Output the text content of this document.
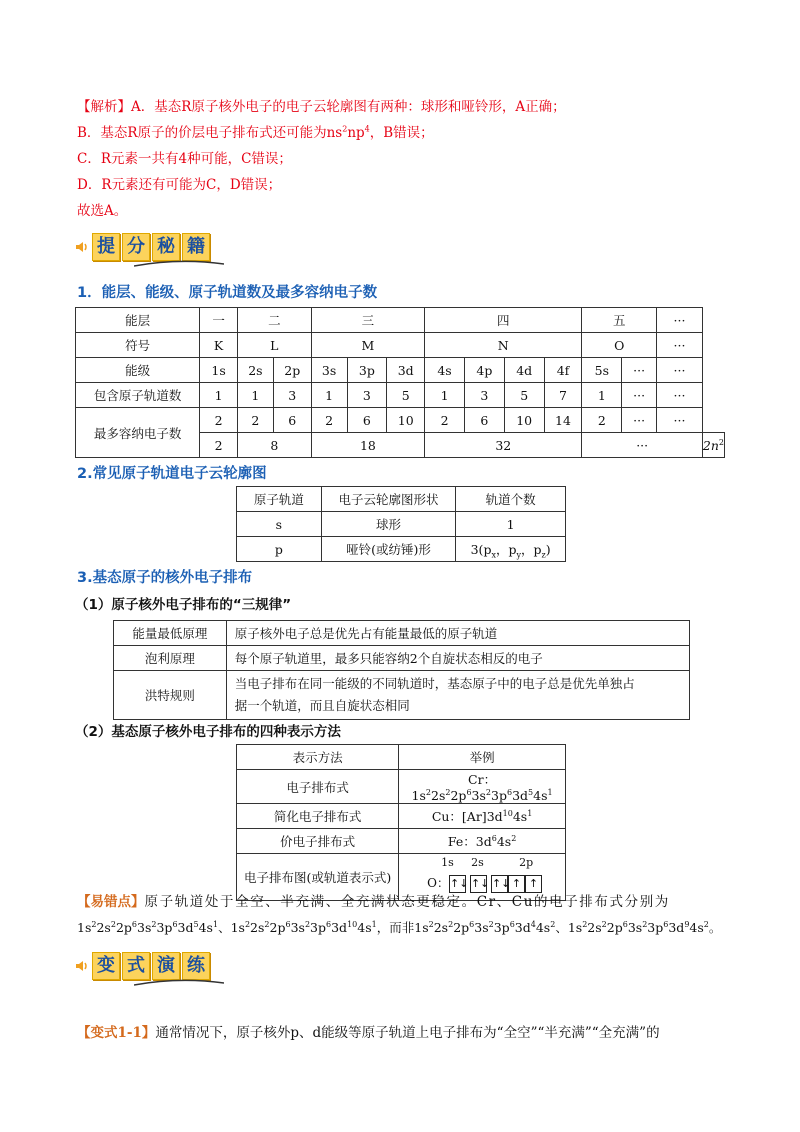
【解析】A．基态R原子核外电子的电子云轮廓图有两种：球形和哑铃形，A正确；
B．基态R原子的价层电子排布式还可能为$ns^2np^4$，B错误；
C．R元素一共有4种可能，C错误；
D．R元素还有可能为C，D错误；
故选A。
提 分 秘 籍
1．能层、能级、原子轨道数及最多容纳电子数
能层	一	二		三			四				五		···	
符号	K	L		M			N				O		···	
能级	1s	2s	2p	3s	3p	3d	4s	4p	4d	4f	5s	···	···	
包含原子轨道数	1	1	3	1	3	5	1	3	5	7	1	···	···	
最多容纳电子数	2	2	6	2	6	10	2	6	10	14	2	···	···	
	2	8		18			32				···			$2n^2$
2.常见原子轨道电子云轮廓图
原子轨道	电子云轮廓图形状	轨道个数
s	球形	1
p	哑铃(或纺锤)形	$3(p_x$，$p_y$，$p_z$)
3.基态原子的核外电子排布
（1）原子核外电子排布的“三规律”
能量最低原理	原子核外电子总是优先占有能量最低的原子轨道
泡利原理	每个原子轨道里，最多只能容纳2个自旋状态相反的电子
洪特规则	当电子排布在同一能级的不同轨道时，基态原子中的电子总是优先单独占
据一个轨道，而且自旋状态相同
（2）基态原子核外电子排布的四种表示方法
表示方法	举例
电子排布式	Cr：$1s^22s^22p^63s^23p^63d^54s^1$
简化电子排布式	Cu：$[Ar]3d^{10}4s^1$
价电子排布式	Fe：$3d^64s^2$
电子排布图(或轨道表示式)	1s 2s 2p
O：↑↓ ↑↓ ↑↓↑ ↑
【易错点】原子轨道处于全空、半充满、全充满状态更稳定。Cr、Cu的电子排布式分别为
$1s^22s^22p^63s^23p^63d^54s^1$、$1s^22s^22p^63s^23p^63d^{10}4s^1$，而非$1s^22s^22p^63s^23p^63d^44s^2$、$1s^22s^22p^63s^23p^63d^94s^2$。
变 式 演 练
【变式1-1】通常情况下，原子核外p、d能级等原子轨道上电子排布为“全空”“半充满”“全充满”的
